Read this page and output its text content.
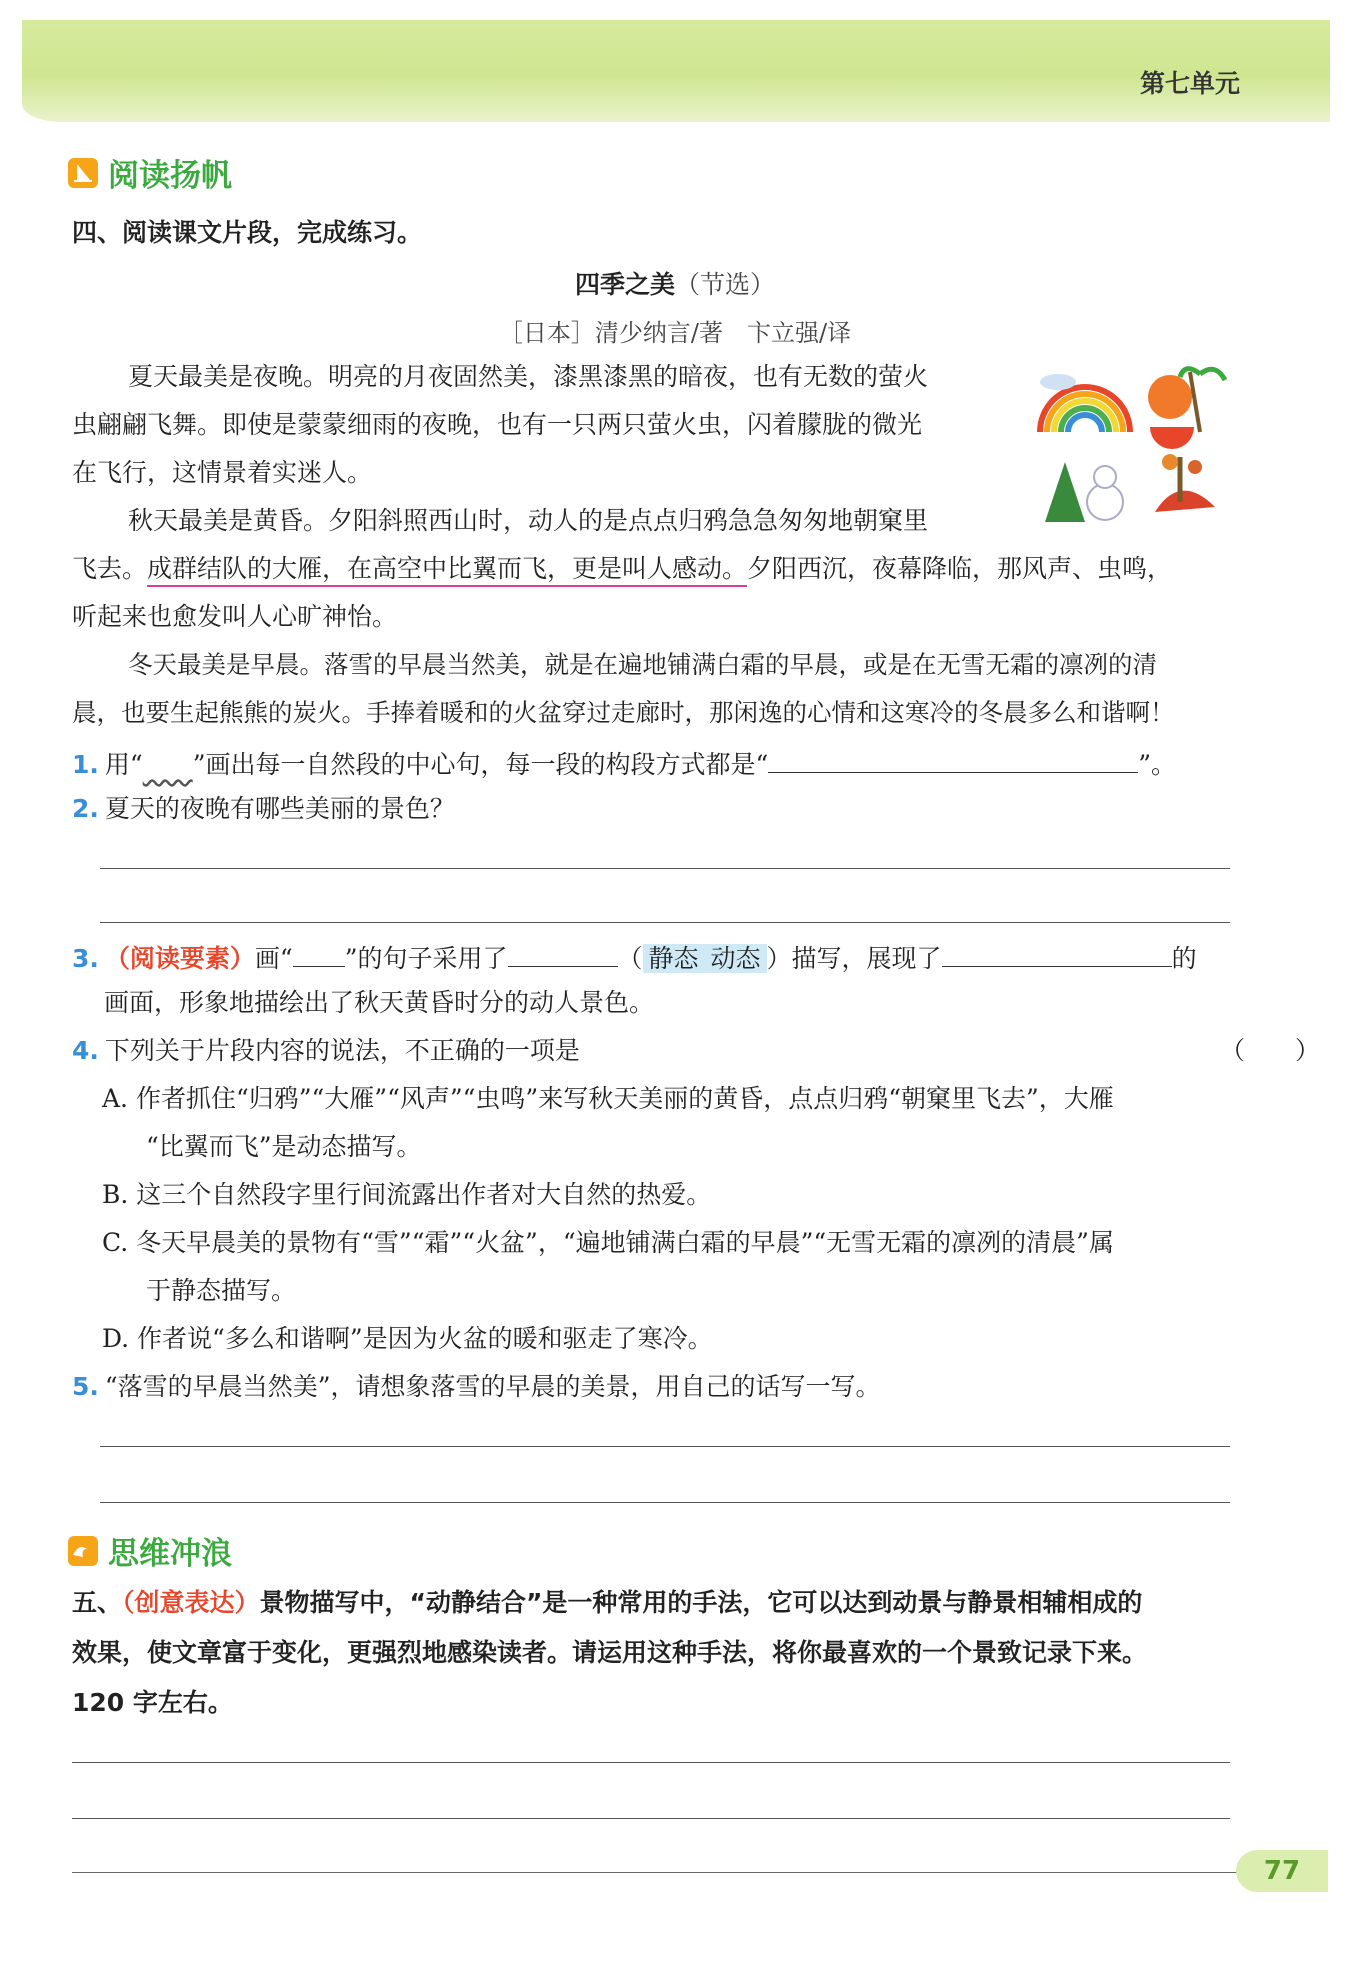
第七单元
阅读扬帆
四、阅读课文片段，完成练习。
四季之美（节选）
［日本］清少纳言/著　卞立强/译
夏天最美是夜晚。明亮的月夜固然美，漆黑漆黑的暗夜，也有无数的萤火
虫翩翩飞舞。即使是蒙蒙细雨的夜晚，也有一只两只萤火虫，闪着朦胧的微光
在飞行，这情景着实迷人。
秋天最美是黄昏。夕阳斜照西山时，动人的是点点归鸦急急匆匆地朝窠里
飞去。成群结队的大雁，在高空中比翼而飞，更是叫人感动。夕阳西沉，夜幕降临，那风声、虫鸣，
听起来也愈发叫人心旷神怡。
冬天最美是早晨。落雪的早晨当然美，就是在遍地铺满白霜的早晨，或是在无雪无霜的凛冽的清
晨，也要生起熊熊的炭火。手捧着暖和的火盆穿过走廊时，那闲逸的心情和这寒冷的冬晨多么和谐啊！
1. 用“　　 ”画出每一自然段的中心句，每一段的构段方式都是“	”。
2. 夏天的夜晚有哪些美丽的景色？
3. （阅读要素）画“ ”的句子采用了	（ 静态 动态 ）描写，展现了	的
画面，形象地描绘出了秋天黄昏时分的动人景色。
4. 下列关于片段内容的说法，不正确的一项是	（　　）
A. 作者抓住“归鸦”“大雁”“风声”“虫鸣”来写秋天美丽的黄昏，点点归鸦“朝窠里飞去”，大雁
“比翼而飞”是动态描写。
B. 这三个自然段字里行间流露出作者对大自然的热爱。
C. 冬天早晨美的景物有“雪”“霜”“火盆”，“遍地铺满白霜的早晨”“无雪无霜的凛冽的清晨”属
于静态描写。
D. 作者说“多么和谐啊”是因为火盆的暖和驱走了寒冷。
5. “落雪的早晨当然美”，请想象落雪的早晨的美景，用自己的话写一写。
思维冲浪
五、（创意表达）景物描写中，“动静结合”是一种常用的手法，它可以达到动景与静景相辅相成的
效果，使文章富于变化，更强烈地感染读者。请运用这种手法，将你最喜欢的一个景致记录下来。
120 字左右。
77
